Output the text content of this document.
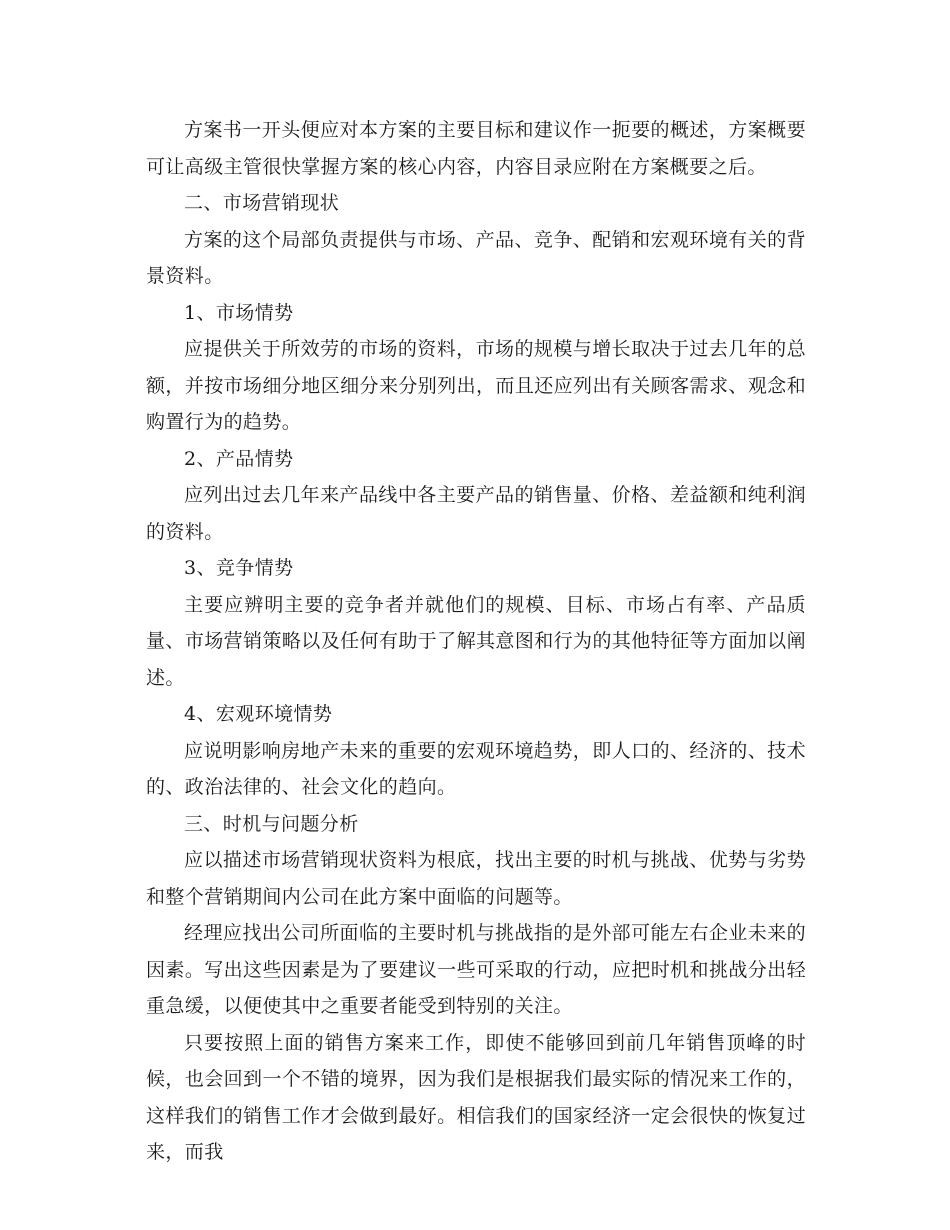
方案书一开头便应对本方案的主要目标和建议作一扼要的概述，方案概要可让高级主管很快掌握方案的核心内容，内容目录应附在方案概要之后。

二、市场营销现状

方案的这个局部负责提供与市场、产品、竞争、配销和宏观环境有关的背景资料。

1、市场情势

应提供关于所效劳的市场的资料，市场的规模与增长取决于过去几年的总额，并按市场细分地区细分来分别列出，而且还应列出有关顾客需求、观念和购置行为的趋势。

2、产品情势

应列出过去几年来产品线中各主要产品的销售量、价格、差益额和纯利润的资料。

3、竞争情势

主要应辨明主要的竞争者并就他们的规模、目标、市场占有率、产品质量、市场营销策略以及任何有助于了解其意图和行为的其他特征等方面加以阐述。

4、宏观环境情势

应说明影响房地产未来的重要的宏观环境趋势，即人口的、经济的、技术的、政治法律的、社会文化的趋向。

三、时机与问题分析

应以描述市场营销现状资料为根底，找出主要的时机与挑战、优势与劣势和整个营销期间内公司在此方案中面临的问题等。

经理应找出公司所面临的主要时机与挑战指的是外部可能左右企业未来的因素。写出这些因素是为了要建议一些可采取的行动，应把时机和挑战分出轻重急缓，以便使其中之重要者能受到特别的关注。

只要按照上面的销售方案来工作，即使不能够回到前几年销售顶峰的时候，也会回到一个不错的境界，因为我们是根据我们最实际的情况来工作的，这样我们的销售工作才会做到最好。相信我们的国家经济一定会很快的恢复过来，而我
